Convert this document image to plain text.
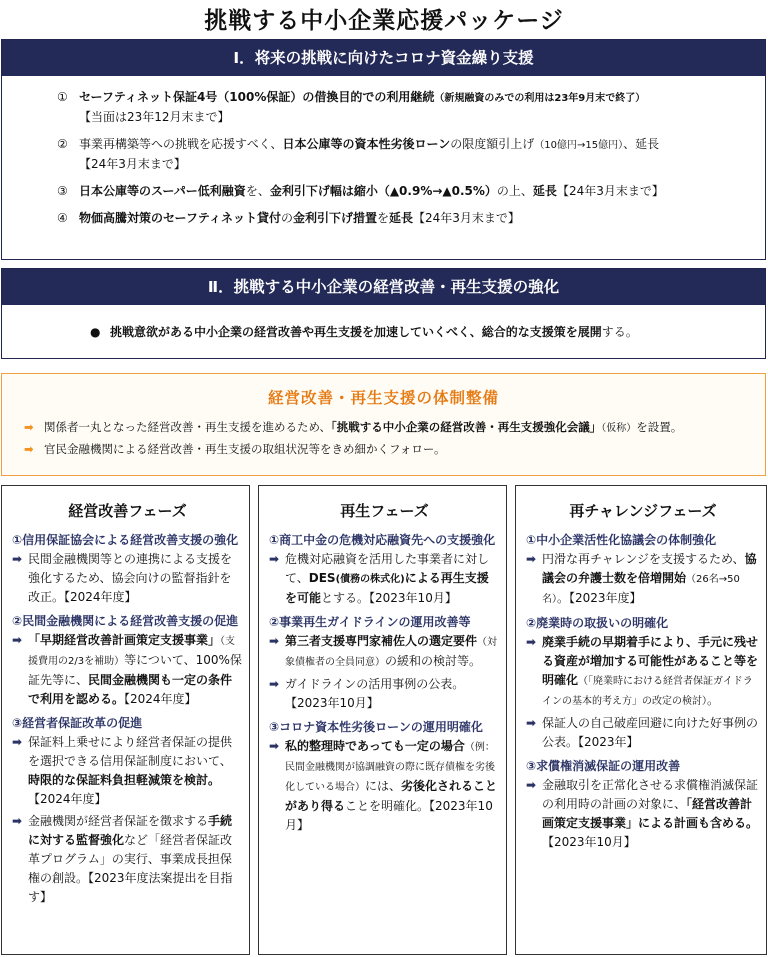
挑戦する中小企業応援パッケージ
Ⅰ．将来の挑戦に向けたコロナ資金繰り支援
① セーフティネット保証4号（100%保証）の借換目的での利用継続（新規融資のみでの利用は23年9月末で終了）
【当面は23年12月末まで】
② 事業再構築等への挑戦を応援すべく、日本公庫等の資本性劣後ローンの限度額引上げ（10億円→15億円）、延長
【24年3月末まで】
③ 日本公庫等のスーパー低利融資を、金利引下げ幅は縮小（▲0.9%→▲0.5%）の上、延長【24年3月末まで】
④ 物価高騰対策のセーフティネット貸付の金利引下げ措置を延長【24年3月末まで】
Ⅱ．挑戦する中小企業の経営改善・再生支援の強化
● 挑戦意欲がある中小企業の経営改善や再生支援を加速していくべく、総合的な支援策を展開する。
経営改善・再生支援の体制整備
➡ 関係者一丸となった経営改善・再生支援を進めるため、「挑戦する中小企業の経営改善・再生支援強化会議」（仮称）を設置。
➡ 官民金融機関による経営改善・再生支援の取組状況等をきめ細かくフォロー。
経営改善フェーズ
①信用保証協会による経営改善支援の強化
➡ 民間金融機関等との連携による支援を強化するため、協会向けの監督指針を改正。【2024年度】
②民間金融機関による経営改善支援の促進
➡ 「早期経営改善計画策定支援事業」（支援費用の2/3を補助）等について、100%保証先等に、民間金融機関も一定の条件で利用を認める。【2024年度】
③経営者保証改革の促進
➡ 保証料上乗せにより経営者保証の提供を選択できる信用保証制度において、時限的な保証料負担軽減策を検討。【2024年度】
➡ 金融機関が経営者保証を徴求する手続に対する監督強化など「経営者保証改革プログラム」の実行、事業成長担保権の創設。【2023年度法案提出を目指す】
再生フェーズ
①商工中金の危機対応融資先への支援強化
➡ 危機対応融資を活用した事業者に対して、DES(債務の株式化)による再生支援を可能とする。【2023年10月】
②事業再生ガイドラインの運用改善等
➡ 第三者支援専門家補佐人の選定要件（対象債権者の全員同意）の緩和の検討等。
➡ ガイドラインの活用事例の公表。【2023年10月】
③コロナ資本性劣後ローンの運用明確化
➡ 私的整理時であっても一定の場合（例：民間金融機関が協調融資の際に既存債権を劣後化している場合）には、劣後化されることがあり得ることを明確化。【2023年10月】
再チャレンジフェーズ
①中小企業活性化協議会の体制強化
➡ 円滑な再チャレンジを支援するため、協議会の弁護士数を倍増開始（26名→50名）。【2023年度】
②廃業時の取扱いの明確化
➡ 廃業手続の早期着手により、手元に残せる資産が増加する可能性があること等を明確化（「廃業時における経営者保証ガイドラインの基本的考え方」の改定の検討）。
➡ 保証人の自己破産回避に向けた好事例の公表。【2023年】
③求償権消滅保証の運用改善
➡ 金融取引を正常化させる求償権消滅保証の利用時の計画の対象に、「経営改善計画策定支援事業」による計画も含める。【2023年10月】
